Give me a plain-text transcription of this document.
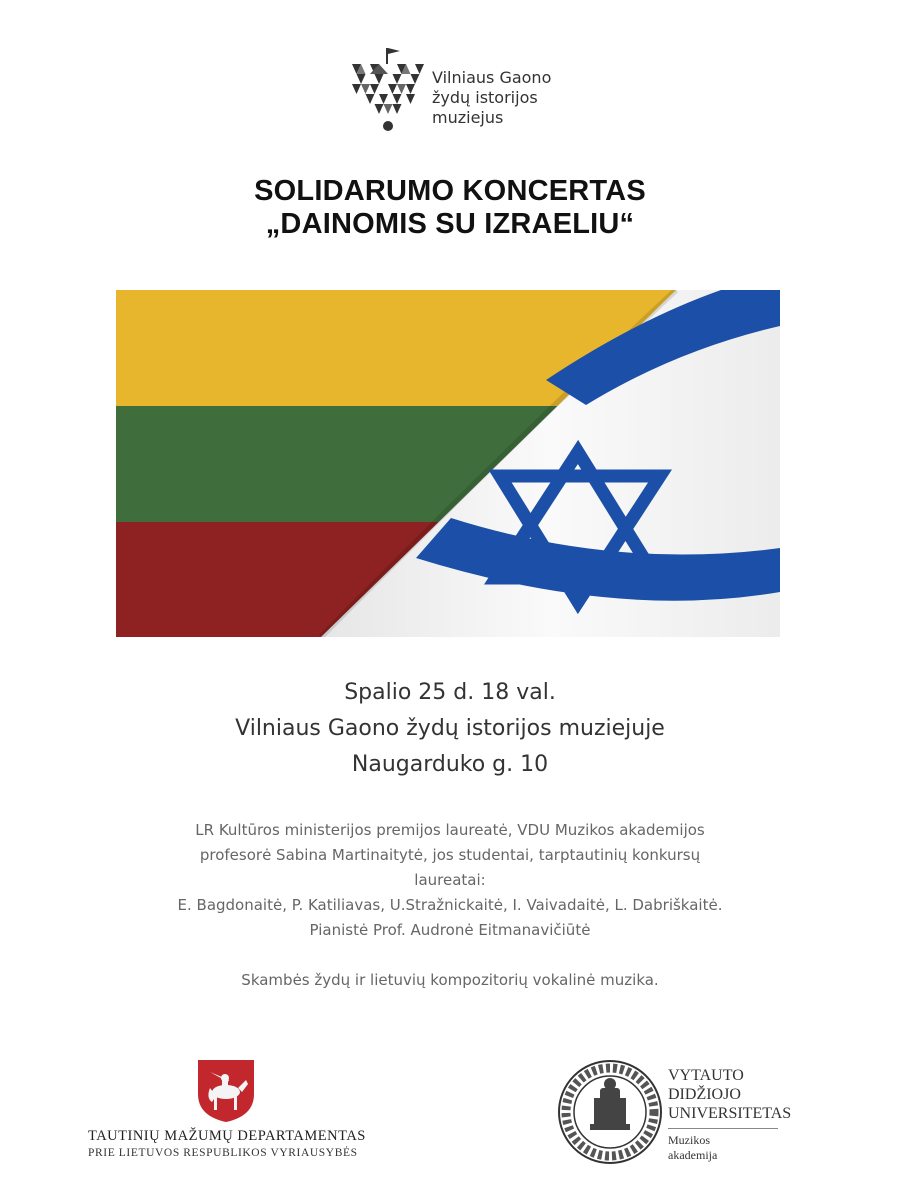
Vilniaus Gaono
žydų istorijos
muziejus
SOLIDARUMO KONCERTAS
„DAINOMIS SU IZRAELIU“
Spalio 25 d. 18 val.
Vilniaus Gaono žydų istorijos muziejuje
Naugarduko g. 10
LR Kultūros ministerijos premijos laureatė, VDU Muzikos akademijos
profesorė Sabina Martinaitytė, jos studentai, tarptautinių konkursų
laureatai:
E. Bagdonaitė, P. Katiliavas, U.Stražnickaitė, I. Vaivadaitė, L. Dabriškaitė.
Pianistė Prof. Audronė Eitmanavičiūtė
Skambės žydų ir lietuvių kompozitorių vokalinė muzika.
TAUTINIŲ MAŽUMŲ DEPARTAMENTAS
PRIE LIETUVOS RESPUBLIKOS VYRIAUSYBĖS
VYTAUTO
DIDŽIOJO
UNIVERSITETAS
Muzikos
akademija
